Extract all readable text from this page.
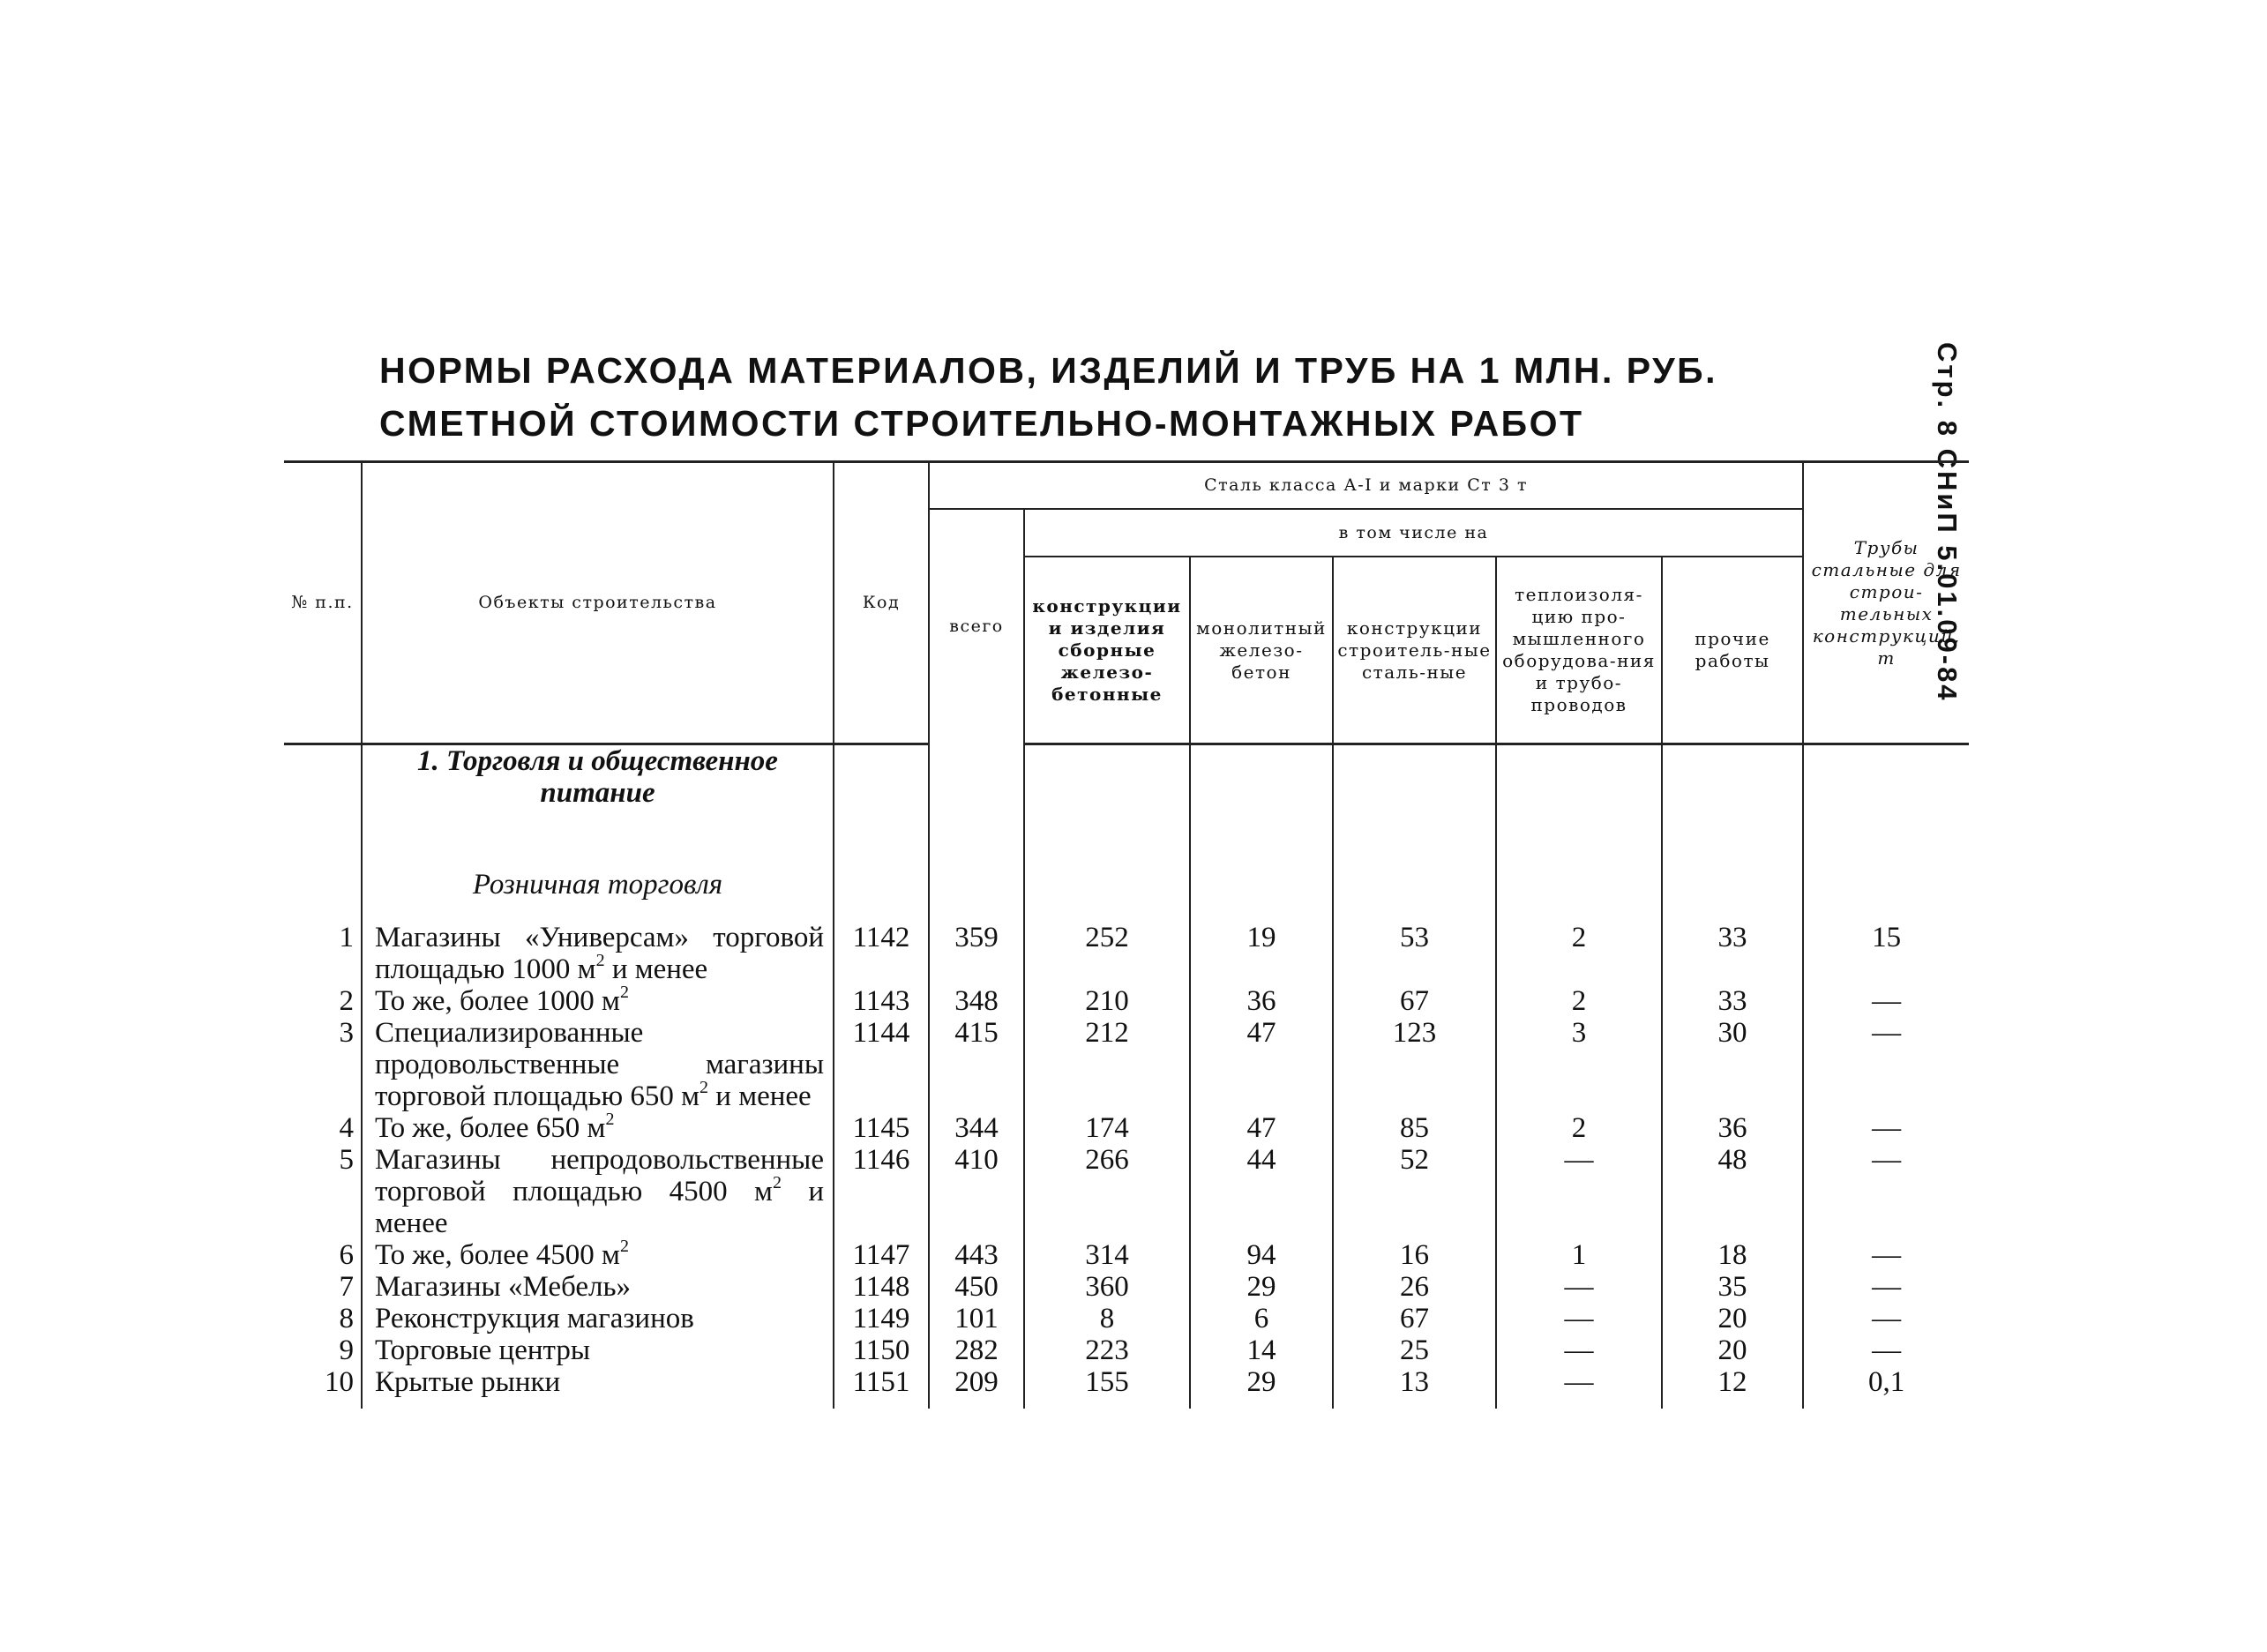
НОРМЫ РАСХОДА МАТЕРИАЛОВ, ИЗДЕЛИЙ И ТРУБ НА 1 МЛН. РУБ.
СМЕТНОЙ СТОИМОСТИ СТРОИТЕЛЬНО-МОНТАЖНЫХ РАБОТ	Стр. 8 СНиП 5.01.09-84
№ п.п.	Объекты строительства	Код	Сталь класса А-I и марки Ст 3 т						Трубы стальные для строи-тельных конструкций, т
			всего	в том числе на					
				конструкции и изделия сборные железо-бетонные	монолитный железо-бетон	конструкции строитель-ные сталь-ные	теплоизоля-цию про-мышленного оборудова-ния и трубо-проводов	прочие работы	
	1. Торговля и общественное питание								
	Розничная торговля								
1	Магазины «Универсам» торговой площадью 1000 $м^2$ и менее	1142	359	252	19	53	2	33	15
2	То же, более 1000 $м^2$	1143	348	210	36	67	2	33	—
3	Специализированные продовольственные магазины торговой площадью 650 $м^2$ и менее	1144	415	212	47	123	3	30	—
4	То же, более 650 $м^2$	1145	344	174	47	85	2	36	—
5	Магазины непродовольственные торговой площадью 4500 $м^2$ и менее	1146	410	266	44	52	—	48	—
6	То же, более 4500 $м^2$	1147	443	314	94	16	1	18	—
7	Магазины «Мебель»	1148	450	360	29	26	—	35	—
8	Реконструкция магазинов	1149	101	8	6	67	—	20	—
9	Торговые центры	1150	282	223	14	25	—	20	—
10	Крытые рынки	1151	209	155	29	13	—	12	0,1
